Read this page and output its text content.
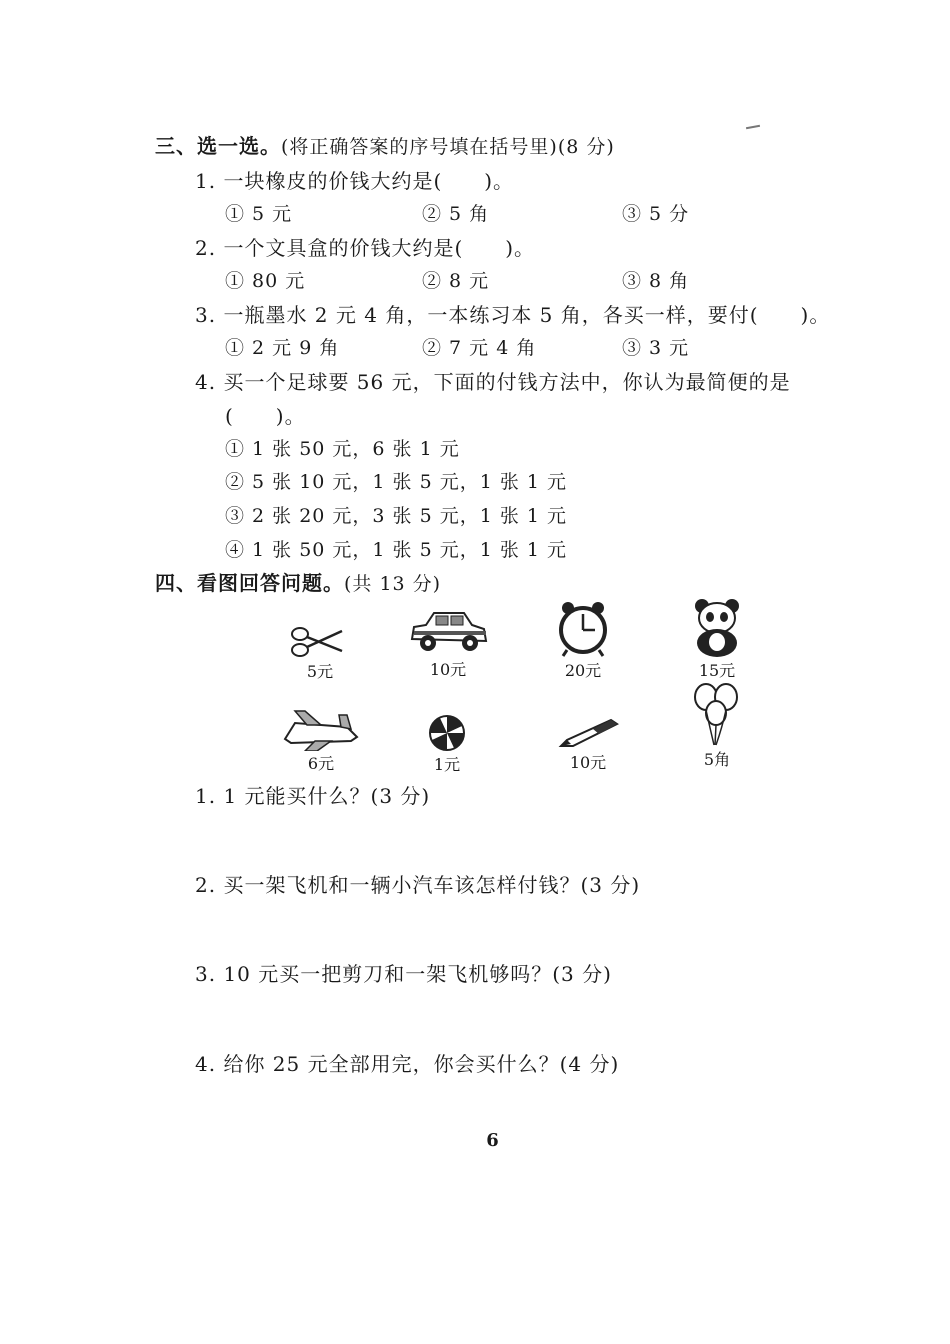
三、选一选。(将正确答案的序号填在括号里)(8 分)
1. 一块橡皮的价钱大约是(　　)。
① 5 元	② 5 角	③ 5 分
2. 一个文具盒的价钱大约是(　　)。
① 80 元	② 8 元	③ 8 角
3. 一瓶墨水 2 元 4 角，一本练习本 5 角，各买一样，要付(　　)。
① 2 元 9 角	② 7 元 4 角	③ 3 元
4. 买一个足球要 56 元，下面的付钱方法中，你认为最简便的是
(　　)。
① 1 张 50 元，6 张 1 元
② 5 张 10 元，1 张 5 元，1 张 1 元
③ 2 张 20 元，3 张 5 元，1 张 1 元
④ 1 张 50 元，1 张 5 元，1 张 1 元
四、看图回答问题。(共 13 分)
5元	10元	20元	15元
6元	1元	10元	5角
1. 1 元能买什么？(3 分)
2. 买一架飞机和一辆小汽车该怎样付钱？(3 分)
3. 10 元买一把剪刀和一架飞机够吗？(3 分)
4. 给你 25 元全部用完，你会买什么？(4 分)
6
